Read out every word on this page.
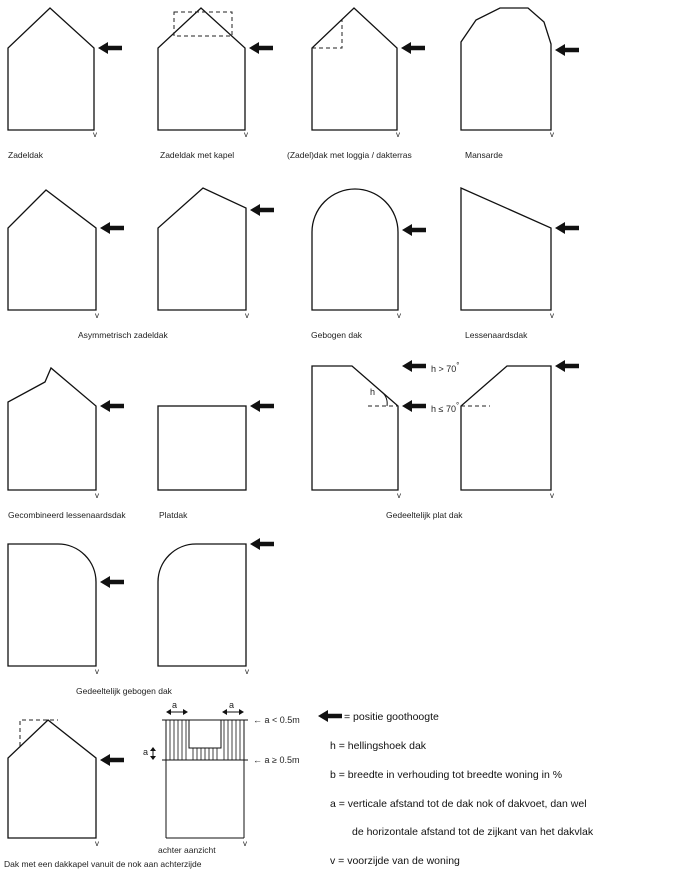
v	v	v	v
v	v	v	v
v	v	v
v	v
v	v
Zadeldak	Zadeldak met kapel	(Zadel)dak met loggia / dakterras	Mansarde
Asymmetrisch zadeldak	Gebogen dak	Lessenaardsdak
Gecombineerd lessenaardsdak	Platdak	Gedeeltelijk plat dak
Gedeeltelijk gebogen dak
Dak met een dakkapel vanuit de nok aan achterzijde
achter aanzicht
h > 70°
h ≤ 70°
h
a	a
a
← a < 0.5m
← a ≥ 0.5m
= positie goothoogte
h = hellingshoek dak
b = breedte in verhouding tot breedte woning in %
a = verticale afstand tot de dak nok of dakvoet, dan wel
de horizontale afstand tot de zijkant van het dakvlak
v = voorzijde van de woning
